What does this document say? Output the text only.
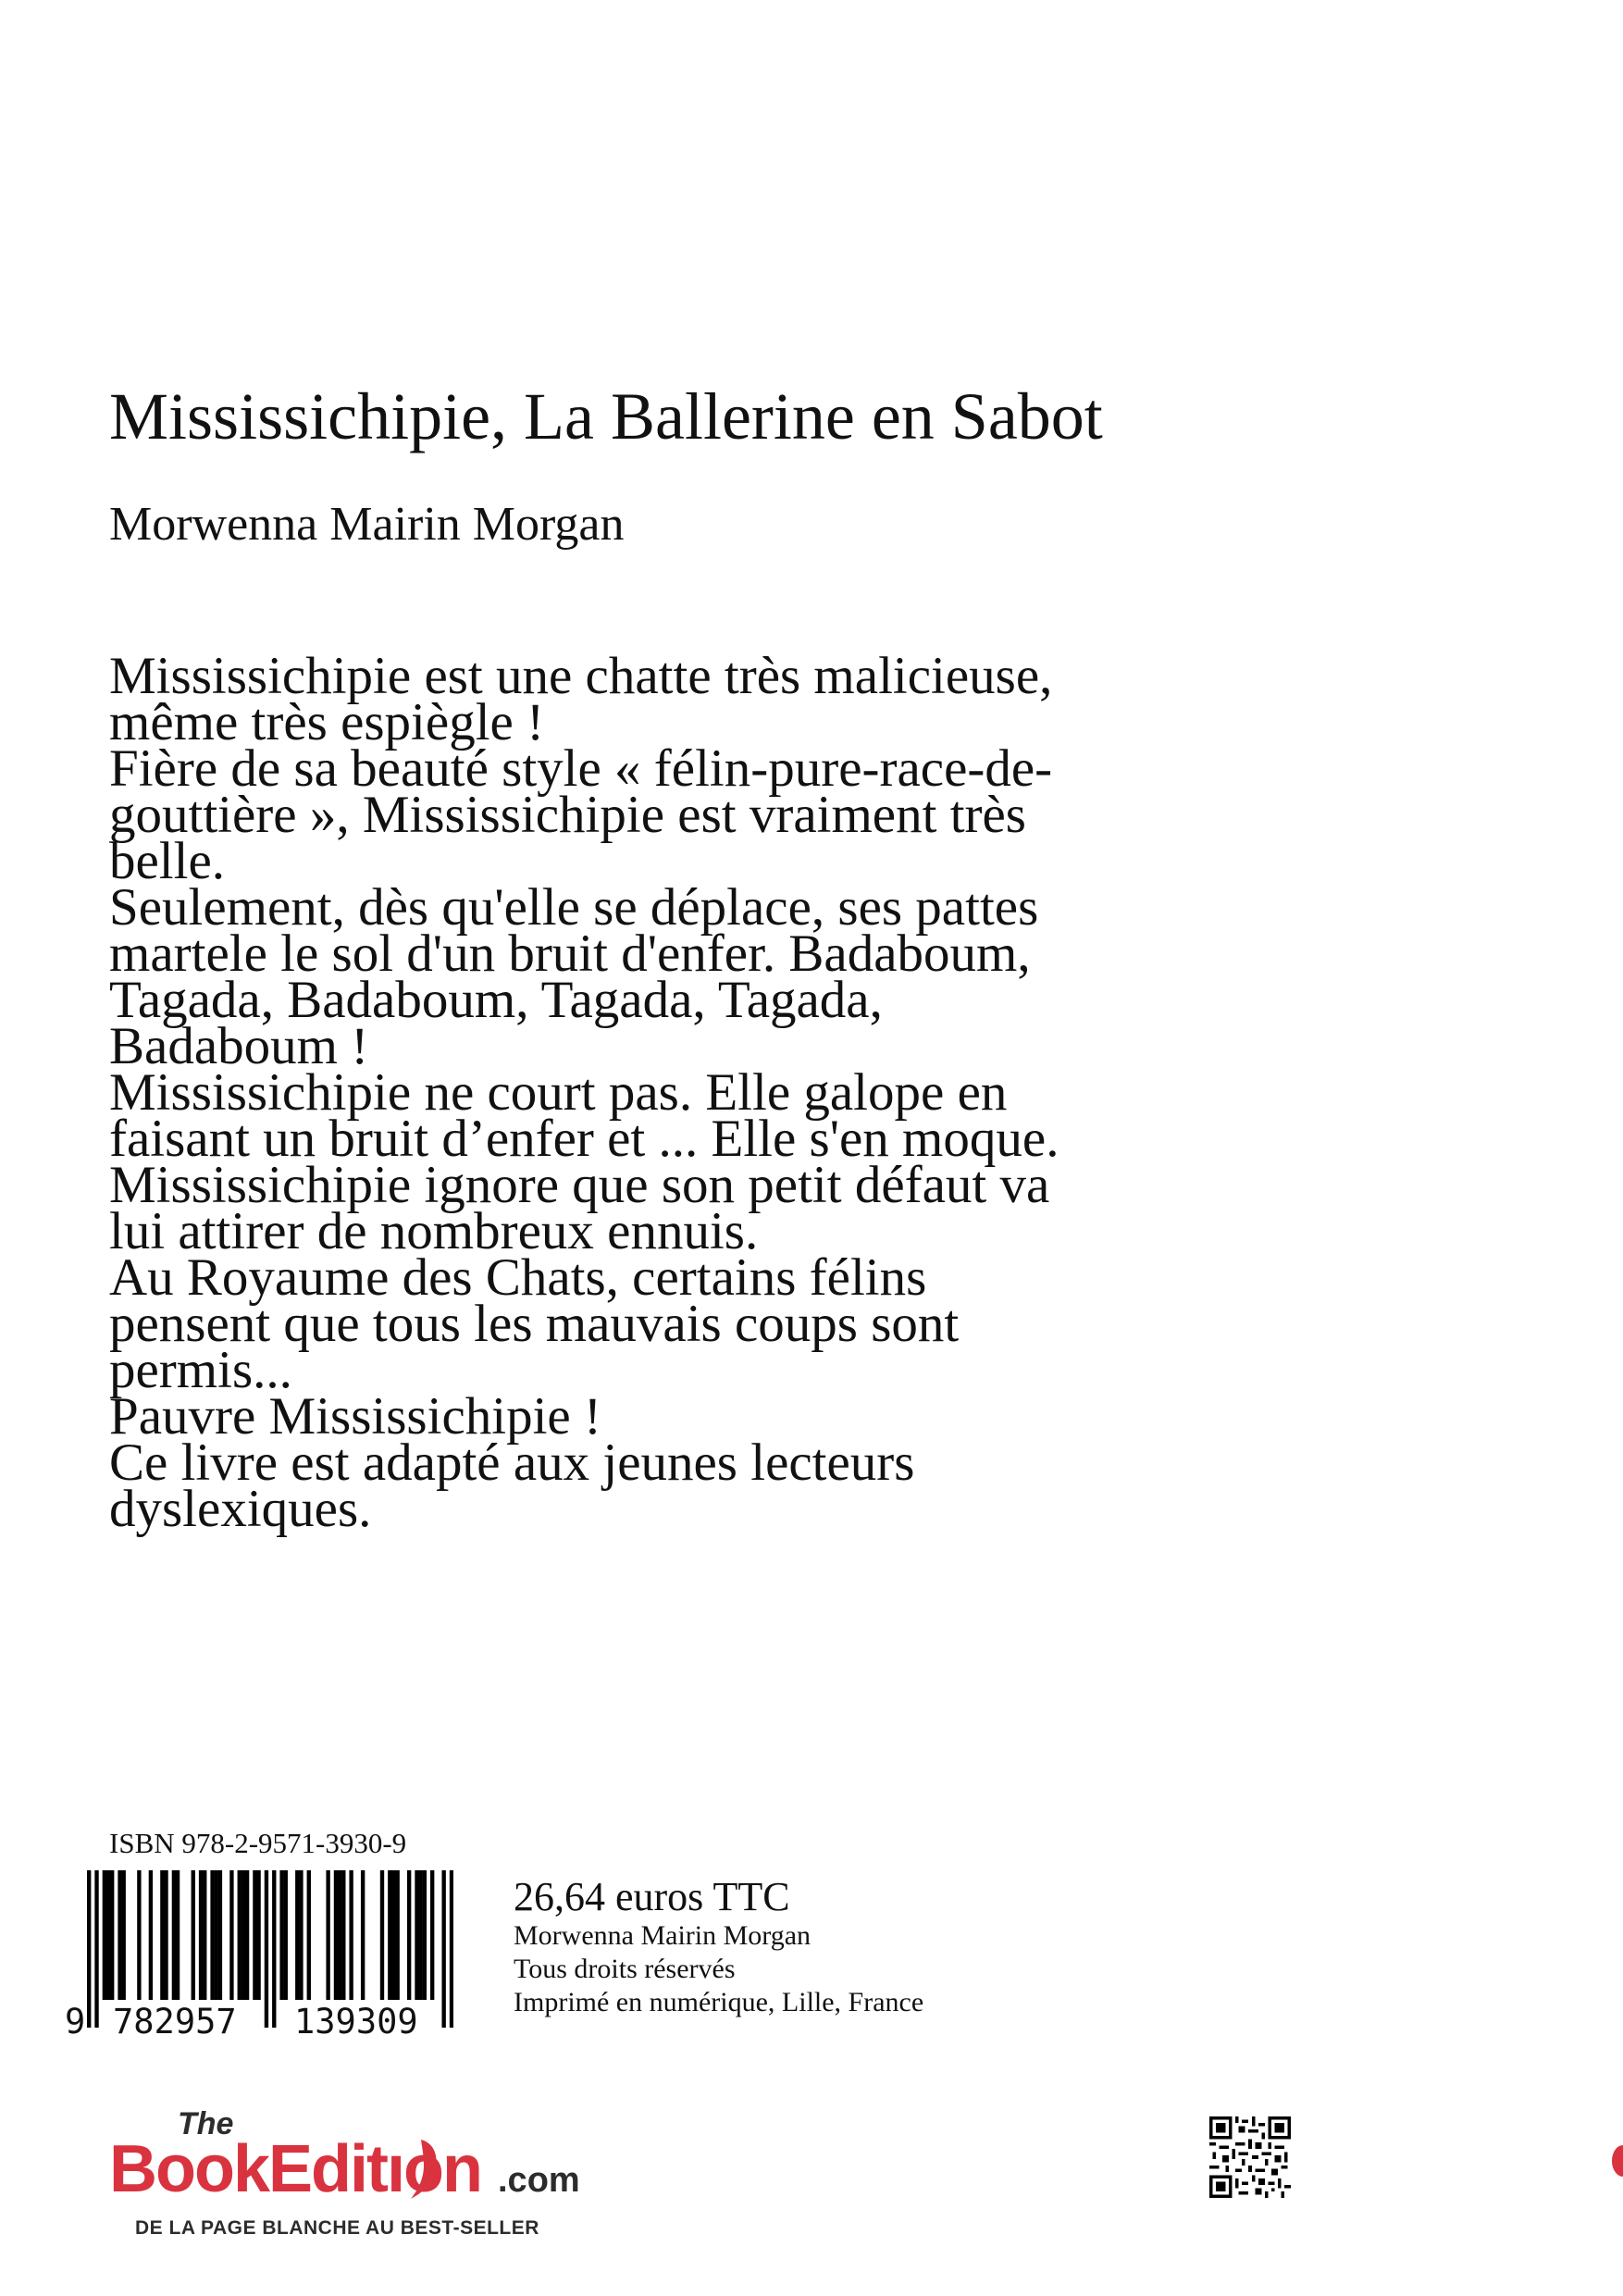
Mississichipie, La Ballerine en Sabot
Morwenna Mairin Morgan
Mississichipie est une chatte très malicieuse,
même très espiègle !
Fière de sa beauté style « félin-pure-race-de-
gouttière », Mississichipie est vraiment très
belle.
Seulement, dès qu'elle se déplace, ses pattes
martele le sol d'un bruit d'enfer. Badaboum,
Tagada, Badaboum, Tagada, Tagada,
Badaboum !
Mississichipie ne court pas. Elle galope en
faisant un bruit d’enfer et ... Elle s'en moque.
Mississichipie ignore que son petit défaut va
lui attirer de nombreux ennuis.
Au Royaume des Chats, certains félins
pensent que tous les mauvais coups sont
permis...
Pauvre Mississichipie !
Ce livre est adapté aux jeunes lecteurs
dyslexiques.
ISBN 978-2-9571-3930-9
9 782957 139309
26,64 euros TTC
Morwenna Mairin Morgan
Tous droits réservés
Imprimé en numérique, Lille, France
The
BookEditıon .com
DE LA PAGE BLANCHE AU BEST-SELLER
